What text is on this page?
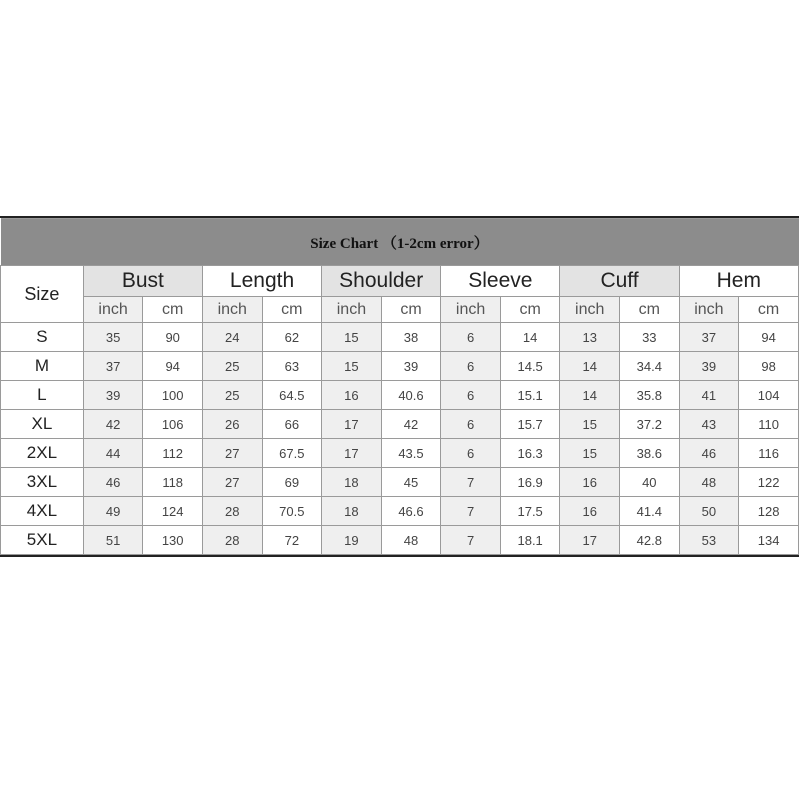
Size Chart （1-2cm error）												
Size	Bust		Length		Shoulder		Sleeve		Cuff		Hem	
	inch	cm	inch	cm	inch	cm	inch	cm	inch	cm	inch	cm
S	35	90	24	62	15	38	6	14	13	33	37	94
M	37	94	25	63	15	39	6	14.5	14	34.4	39	98
L	39	100	25	64.5	16	40.6	6	15.1	14	35.8	41	104
XL	42	106	26	66	17	42	6	15.7	15	37.2	43	110
2XL	44	112	27	67.5	17	43.5	6	16.3	15	38.6	46	116
3XL	46	118	27	69	18	45	7	16.9	16	40	48	122
4XL	49	124	28	70.5	18	46.6	7	17.5	16	41.4	50	128
5XL	51	130	28	72	19	48	7	18.1	17	42.8	53	134
